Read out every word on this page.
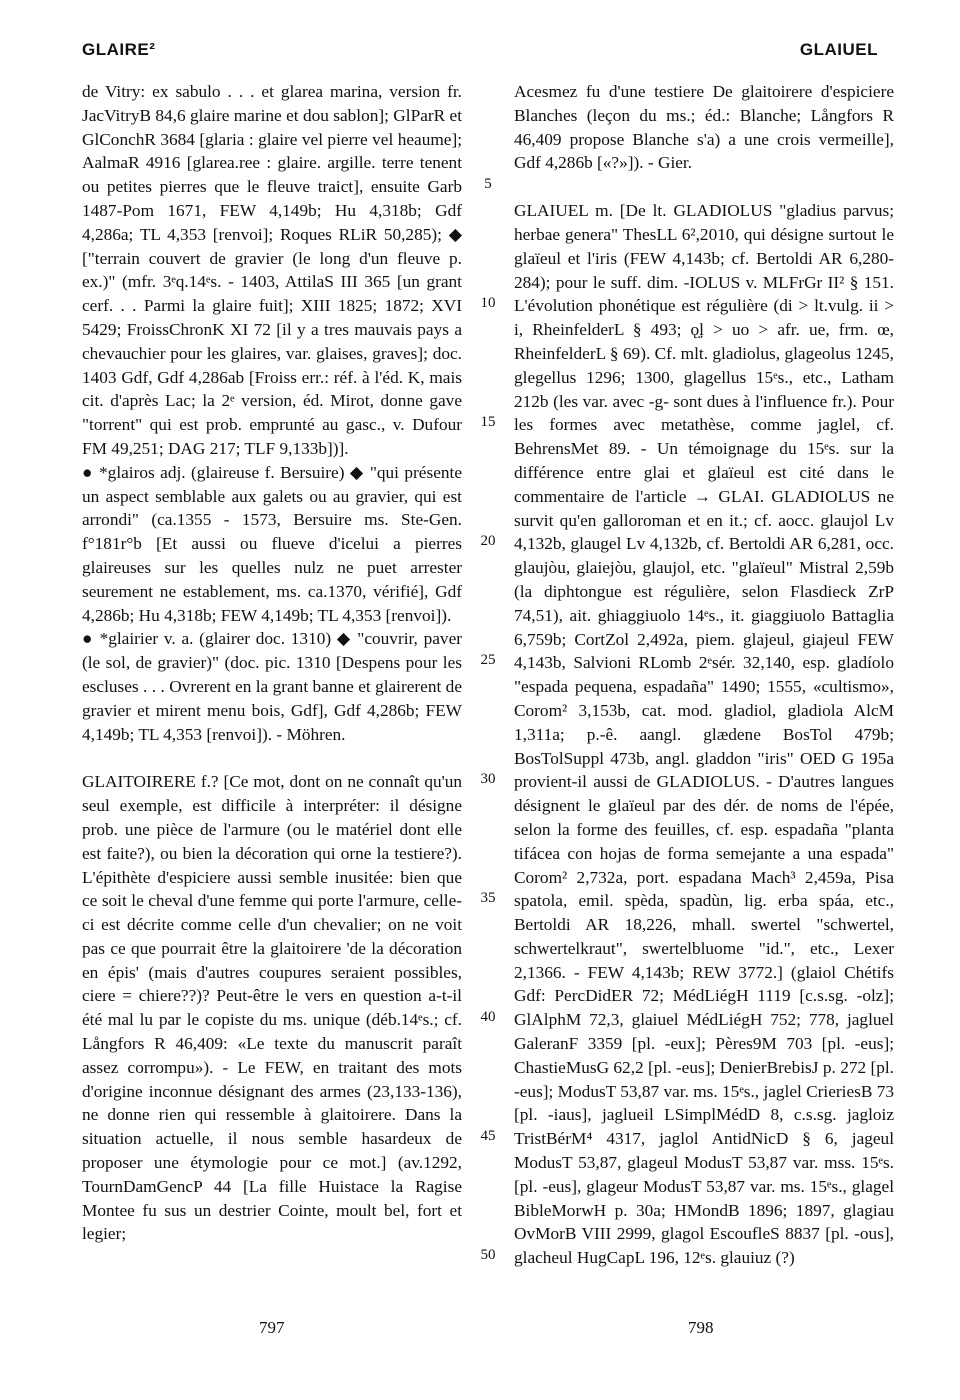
GLAIRE²	GLAIUEL

de Vitry: ex sabulo . . . et glarea marina, version fr. JacVitryB 84,6 glaire marine et dou sablon]; GlParR et GlConchR 3684 [glaria : glaire vel pierre vel heaume]; AalmaR 4916 [glarea.ree : glaire. argille. terre tenent ou petites pierres que le fleuve traict], ensuite Garb 1487-Pom 1671, FEW 4,149b; Hu 4,318b; Gdf 4,286a; TL 4,353 [renvoi]; Roques RLiR 50,285); ◆ ["terrain couvert de gravier (le long d'un fleuve p. ex.)" (mfr. 3ᵉq.14ᵉs. - 1403, AttilaS III 365 [un grant cerf. . . Parmi la glaire fuit]; XIII 1825; 1872; XVI 5429; FroissChronK XI 72 [il y a tres mauvais pays a chevauchier pour les glaires, var. glaises, graves]; doc. 1403 Gdf, Gdf 4,286ab [Froiss err.: réf. à l'éd. K, mais cit. d'après Lac; la 2ᵉ version, éd. Mirot, donne gave "torrent" qui est prob. emprunté au gasc., v. Dufour FM 49,251; DAG 217; TLF 9,133b])].

● *glairos adj. (glaireuse f. Bersuire) ◆ "qui présente un aspect semblable aux galets ou au gravier, qui est arrondi" (ca.1355 - 1573, Bersuire ms. Ste-Gen. f°181r°b [Et aussi ou flueve d'icelui a pierres glaireuses sur les quelles nulz ne puet arrester seurement ne establement, ms. ca.1370, vérifié], Gdf 4,286b; Hu 4,318b; FEW 4,149b; TL 4,353 [renvoi]).

● *glairier v. a. (glairer doc. 1310) ◆ "couvrir, paver (le sol, de gravier)" (doc. pic. 1310 [Despens pour les escluses . . . Ovrerent en la grant banne et glairerent de gravier et mirent menu bois, Gdf], Gdf 4,286b; FEW 4,149b; TL 4,353 [renvoi]). - Möhren.

GLAITOIRERE f.? [Ce mot, dont on ne connaît qu'un seul exemple, est difficile à interpréter: il désigne prob. une pièce de l'armure (ou le matériel dont elle est faite?), ou bien la décoration qui orne la testiere?). L'épithète d'espiciere aussi semble inusitée: bien que ce soit le cheval d'une femme qui porte l'armure, celle-ci est décrite comme celle d'un chevalier; on ne voit pas ce que pourrait être la glaitoirere 'de la décoration en épis' (mais d'autres coupures seraient possibles, ciere = chiere??)? Peut-être le vers en question a-t-il été mal lu par le copiste du ms. unique (déb.14ᵉs.; cf. Långfors R 46,409: «Le texte du manuscrit paraît assez corrompu»). - Le FEW, en traitant des mots d'origine inconnue désignant des armes (23,133-136), ne donne rien qui ressemble à glaitoirere. Dans la situation actuelle, il nous semble hasardeux de proposer une étymologie pour ce mot.] (av.1292, TournDamGencP 44 [La fille Huistace la Ragise Montee fu sus un destrier Cointe, moult bel, fort et legier;

5
10
15
20
25
30
35
40
45
50

Acesmez fu d'une testiere De glaitoirere d'espiciere Blanches (leçon du ms.; éd.: Blanche; Långfors R 46,409 propose Blanche s'a) a une crois vermeille], Gdf 4,286b [«?»]). - Gier.

GLAIUEL m. [De lt. GLADIOLUS "gladius parvus; herbae genera" ThesLL 6²,2010, qui désigne surtout le glaïeul et l'iris (FEW 4,143b; cf. Bertoldi AR 6,280-284); pour le suff. dim. -IOLUS v. MLFrGr II² § 151. L'évolution phonétique est régulière (di > lt.vulg. ii > i, RheinfelderL § 493; ǫ̣ļ > uo > afr. ue, frm. œ, RheinfelderL § 69). Cf. mlt. gladiolus, glageolus 1245, glegellus 1296; 1300, glagellus 15ᵉs., etc., Latham 212b (les var. avec -g- sont dues à l'influence fr.). Pour les formes avec metathèse, comme jaglel, cf. BehrensMet 89. - Un témoignage du 15ᵉs. sur la différence entre glai et glaïeul est cité dans le commentaire de l'article → GLAI. GLADIOLUS ne survit qu'en galloroman et en it.; cf. aocc. glaujol Lv 4,132b, glaugel Lv 4,132b, cf. Bertoldi AR 6,281, occ. glaujòu, glaiejòu, glaujol, etc. "glaïeul" Mistral 2,59b (la diphtongue est régulière, selon Flasdieck ZrP 74,51), ait. ghiaggiuolo 14ᵉs., it. giaggiuolo Battaglia 6,759b; CortZol 2,492a, piem. glajeul, giajeul FEW 4,143b, Salvioni RLomb 2ᵉsér. 32,140, esp. gladíolo "espada pequena, espadaña" 1490; 1555, «cultismo», Corom² 3,153b, cat. mod. gladiol, gladiola AlcM 1,311a; p.-ê. aangl. glædene BosTol 479b; BosTolSuppl 473b, angl. gladdon "iris" OED G 195a provient-il aussi de GLADIOLUS. - D'autres langues désignent le glaïeul par des dér. de noms de l'épée, selon la forme des feuilles, cf. esp. espadaña "planta tifácea con hojas de forma semejante a una espada" Corom² 2,732a, port. espadana Mach³ 2,459a, Pisa spatola, emil. spèda, spadùn, lig. erba spáa, etc., Bertoldi AR 18,226, mhall. swertel "schwertel, schwertelkraut", swertelbluome "id.", etc., Lexer 2,1366. - FEW 4,143b; REW 3772.] (glaiol Chétifs Gdf: PercDidER 72; MédLiégH 1119 [c.s.sg. -olz]; GlAlphM 72,3, glaiuel MédLiégH 752; 778, jagluel GaleranF 3359 [pl. -eux]; Pères9M 703 [pl. -eus]; ChastieMusG 62,2 [pl. -eus]; DenierBrebisJ p. 272 [pl. -eus]; ModusT 53,87 var. ms. 15ᵉs., jaglel CrieriesB 73 [pl. -iaus], jaglueil LSimplMédD 8, c.s.sg. jagloiz TristBérM⁴ 4317, jaglol AntidNicD § 6, jageul ModusT 53,87, glageul ModusT 53,87 var. mss. 15ᵉs. [pl. -eus], glageur ModusT 53,87 var. ms. 15ᵉs., glagel BibleMorwH p. 30a; HMondB 1896; 1897, glagiau OvMorB VIII 2999, glagol EscoufleS 8837 [pl. -ous], glacheul HugCapL 196, 12ᵉs. glauiuz (?)

797	798
